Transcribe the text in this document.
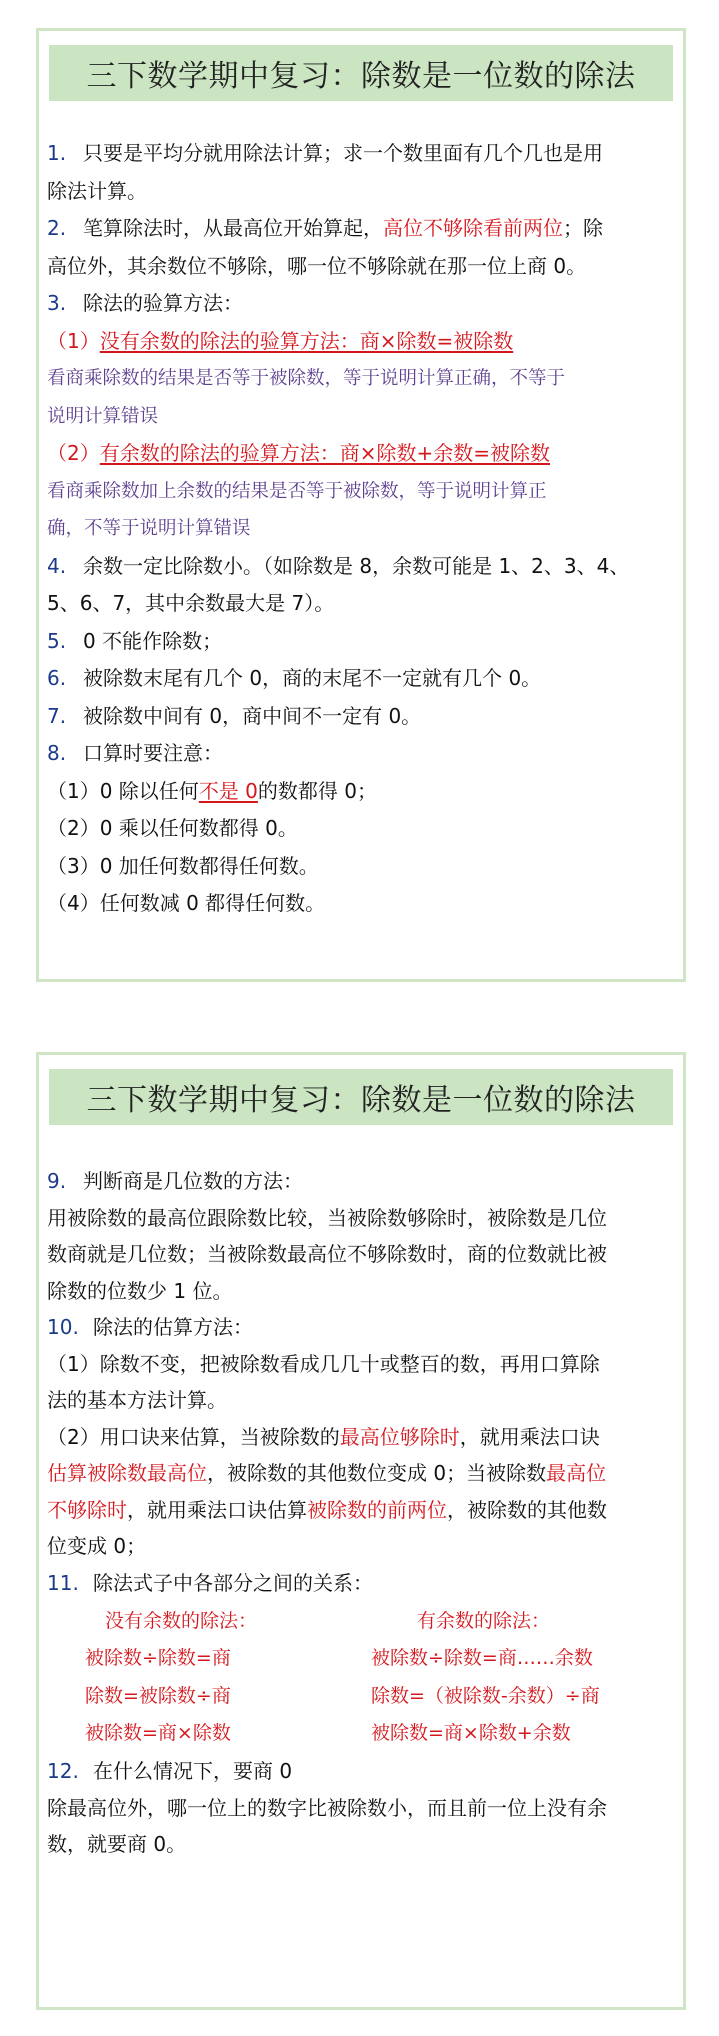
三下数学期中复习：除数是一位数的除法
1. 只要是平均分就用除法计算；求一个数里面有几个几也是用
除法计算。
2. 笔算除法时，从最高位开始算起，高位不够除看前两位；除
高位外，其余数位不够除，哪一位不够除就在那一位上商 0。
3. 除法的验算方法：
（1）没有余数的除法的验算方法：商×除数=被除数
看商乘除数的结果是否等于被除数，等于说明计算正确，不等于
说明计算错误
（2）有余数的除法的验算方法：商×除数+余数=被除数
看商乘除数加上余数的结果是否等于被除数，等于说明计算正
确，不等于说明计算错误
4. 余数一定比除数小。（如除数是 8，余数可能是 1、2、3、4、
5、6、7，其中余数最大是 7）。
5. 0 不能作除数；
6. 被除数末尾有几个 0，商的末尾不一定就有几个 0。
7. 被除数中间有 0，商中间不一定有 0。
8. 口算时要注意：
（1）0 除以任何不是 0的数都得 0；
（2）0 乘以任何数都得 0。
（3）0 加任何数都得任何数。
（4）任何数减 0 都得任何数。
三下数学期中复习：除数是一位数的除法
9. 判断商是几位数的方法：
用被除数的最高位跟除数比较，当被除数够除时，被除数是几位
数商就是几位数；当被除数最高位不够除数时，商的位数就比被
除数的位数少 1 位。
10. 除法的估算方法：
（1）除数不变，把被除数看成几几十或整百的数，再用口算除
法的基本方法计算。
（2）用口诀来估算，当被除数的最高位够除时，就用乘法口诀
估算被除数最高位，被除数的其他数位变成 0；当被除数最高位
不够除时，就用乘法口诀估算被除数的前两位，被除数的其他数
位变成 0；
11. 除法式子中各部分之间的关系：
没有余数的除法：
被除数÷除数=商
除数=被除数÷商
被除数=商×除数
有余数的除法：
被除数÷除数=商……余数
除数=（被除数-余数）÷商
被除数=商×除数+余数
12. 在什么情况下，要商 0
除最高位外，哪一位上的数字比被除数小，而且前一位上没有余
数，就要商 0。
